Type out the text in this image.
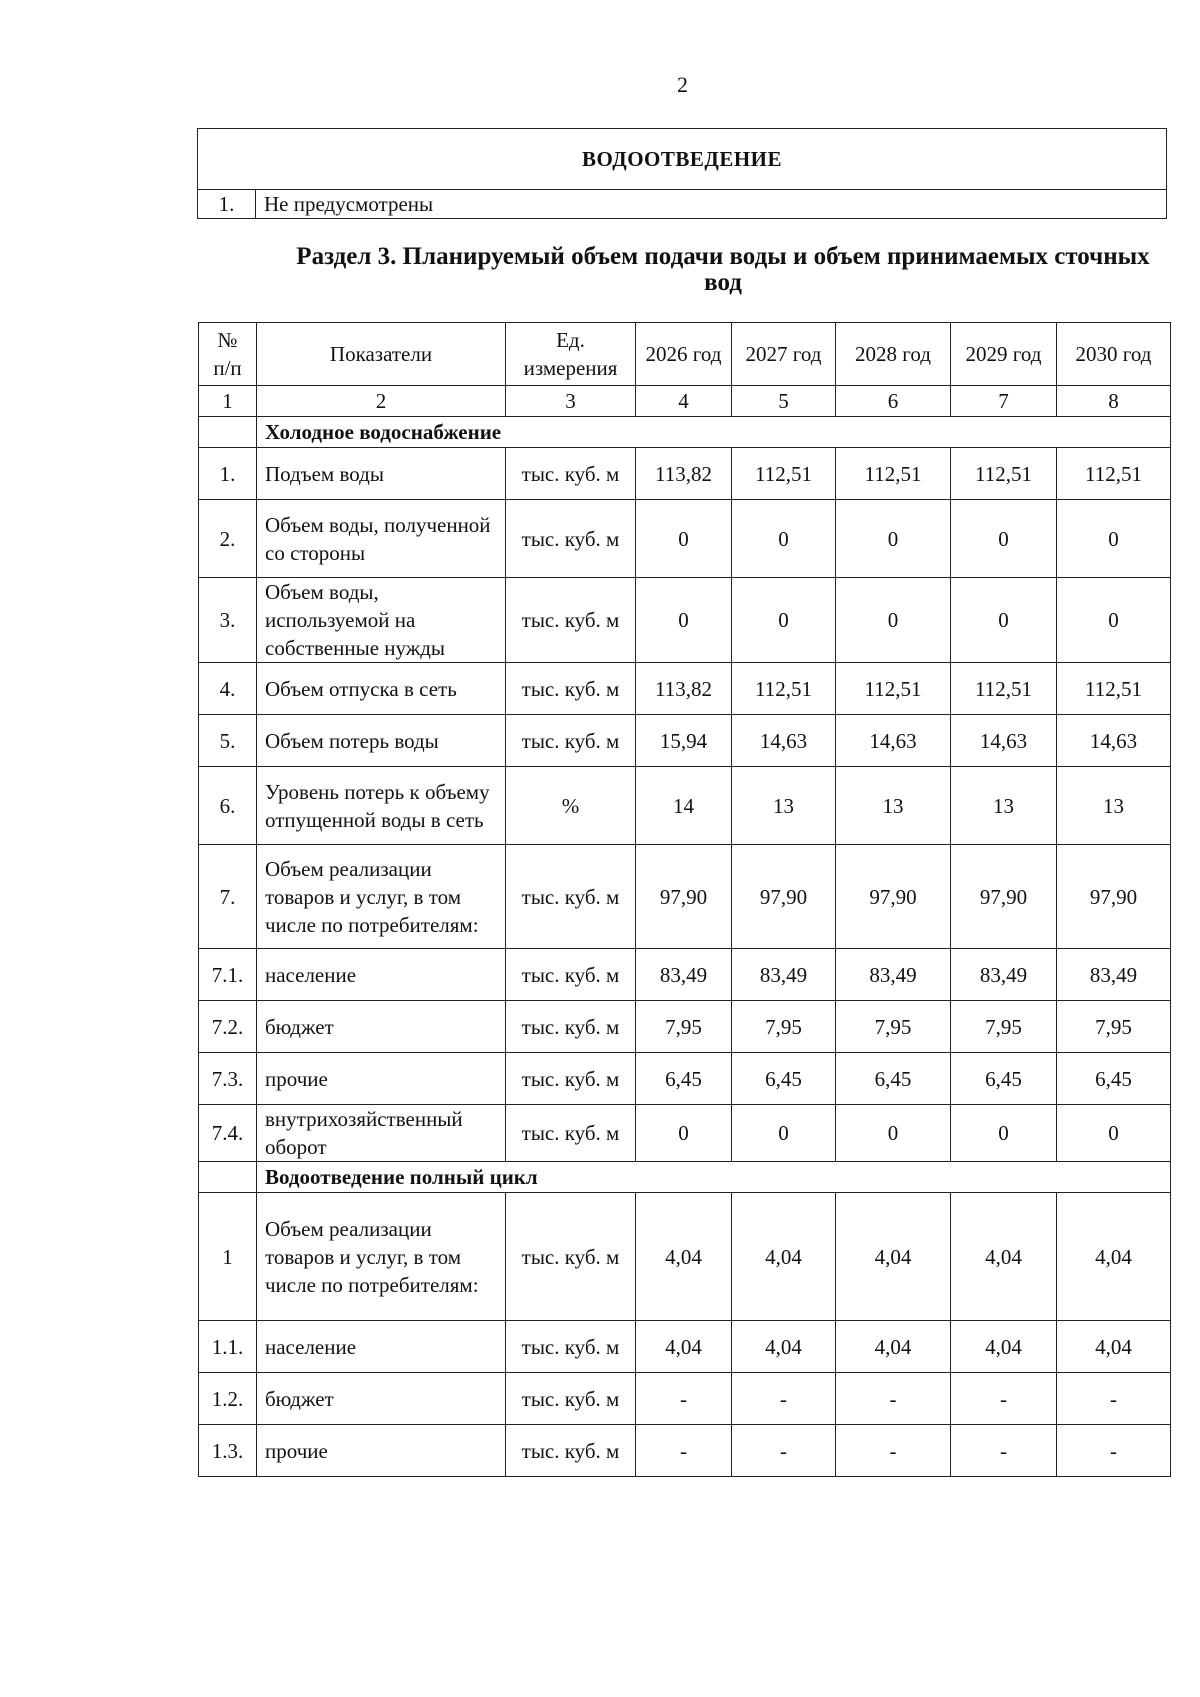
2
ВОДООТВЕДЕНИЕ
1.	Не предусмотрены
Раздел 3. Планируемый объем подачи воды и объем принимаемых сточных вод
№ п/п	Показатели	Ед. измерения	2026 год	2027 год	2028 год	2029 год	2030 год
1	2	3	4	5	6	7	8
	Холодное водоснабжение						
1.	Подъем воды	тыс. куб. м	113,82	112,51	112,51	112,51	112,51
2.	Объем воды, полученной со стороны	тыс. куб. м	0	0	0	0	0
3.	Объем воды, используемой на собственные нужды	тыс. куб. м	0	0	0	0	0
4.	Объем отпуска в сеть	тыс. куб. м	113,82	112,51	112,51	112,51	112,51
5.	Объем потерь воды	тыс. куб. м	15,94	14,63	14,63	14,63	14,63
6.	Уровень потерь к объему отпущенной воды в сеть	%	14	13	13	13	13
7.	Объем реализации товаров и услуг, в том числе по потребителям:	тыс. куб. м	97,90	97,90	97,90	97,90	97,90
7.1.	население	тыс. куб. м	83,49	83,49	83,49	83,49	83,49
7.2.	бюджет	тыс. куб. м	7,95	7,95	7,95	7,95	7,95
7.3.	прочие	тыс. куб. м	6,45	6,45	6,45	6,45	6,45
7.4.	внутрихозяйственный оборот	тыс. куб. м	0	0	0	0	0
	Водоотведение полный цикл						
1	Объем реализации товаров и услуг, в том числе по потребителям:	тыс. куб. м	4,04	4,04	4,04	4,04	4,04
1.1.	население	тыс. куб. м	4,04	4,04	4,04	4,04	4,04
1.2.	бюджет	тыс. куб. м	-	-	-	-	-
1.3.	прочие	тыс. куб. м	-	-	-	-	-
